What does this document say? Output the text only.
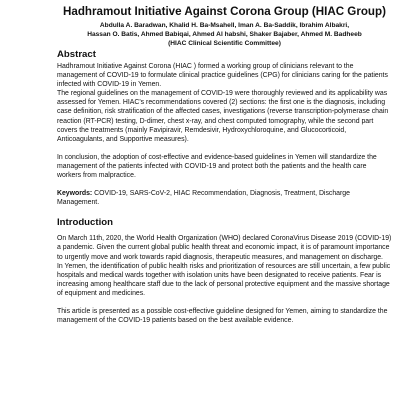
Hadhramout Initiative Against Corona Group (HIAC Group)
Abdulla A. Baradwan, Khalid H. Ba-Msahell, Iman A. Ba-Saddik, Ibrahim Albakri,
Hassan O. Batis, Ahmed Babiqai, Ahmed Al habshi, Shaker Bajaber, Ahmed M. Badheeb
(HIAC Clinical Scientific Committee)
Abstract

Hadhramout Initiative Against Corona (HIAC ) formed a working group of clinicians relevant to the management of COVID-19 to formulate clinical practice guidelines (CPG) for clinicians caring for the patients infected with COVID-19 in Yemen.

The regional guidelines on the management of COVID-19 were thoroughly reviewed and its applicability was assessed for Yemen. HIAC's recommendations covered (2) sections: the first one is the diagnosis, including case definition, risk stratification of the affected cases, investigations (reverse transcription-polymerase chain reaction (RT-PCR) testing, D-dimer, chest x-ray, and chest computed tomography, while the second part covers the treatments (mainly Favipiravir, Remdesivir, Hydroxychloroquine, and Glucocorticoid, Anticoagulants, and Supportive measures).

In conclusion, the adoption of cost-effective and evidence-based guidelines in Yemen will standardize the management of the patients infected with COVID-19 and protect both the patients and the health care workers from malpractice.

Keywords: COVID-19, SARS-CoV-2, HIAC Recommendation, Diagnosis, Treatment, Discharge Management.

Introduction

On March 11th, 2020, the World Health Organization (WHO) declared CoronaVirus Disease 2019 (COVID-19) a pandemic. Given the current global public health threat and economic impact, it is of paramount importance to urgently move and work towards rapid diagnosis, therapeutic measures, and management on discharge.

In Yemen, the identification of public health risks and prioritization of resources are still uncertain, a few public hospitals and medical wards together with isolation units have been designated to receive patients. Fear is increasing among healthcare staff due to the lack of personal protective equipment and the massive shortage of equipment and medicines.

This article is presented as a possible cost-effective guideline designed for Yemen, aiming to standardize the management of the COVID-19 patients based on the best available evidence.
